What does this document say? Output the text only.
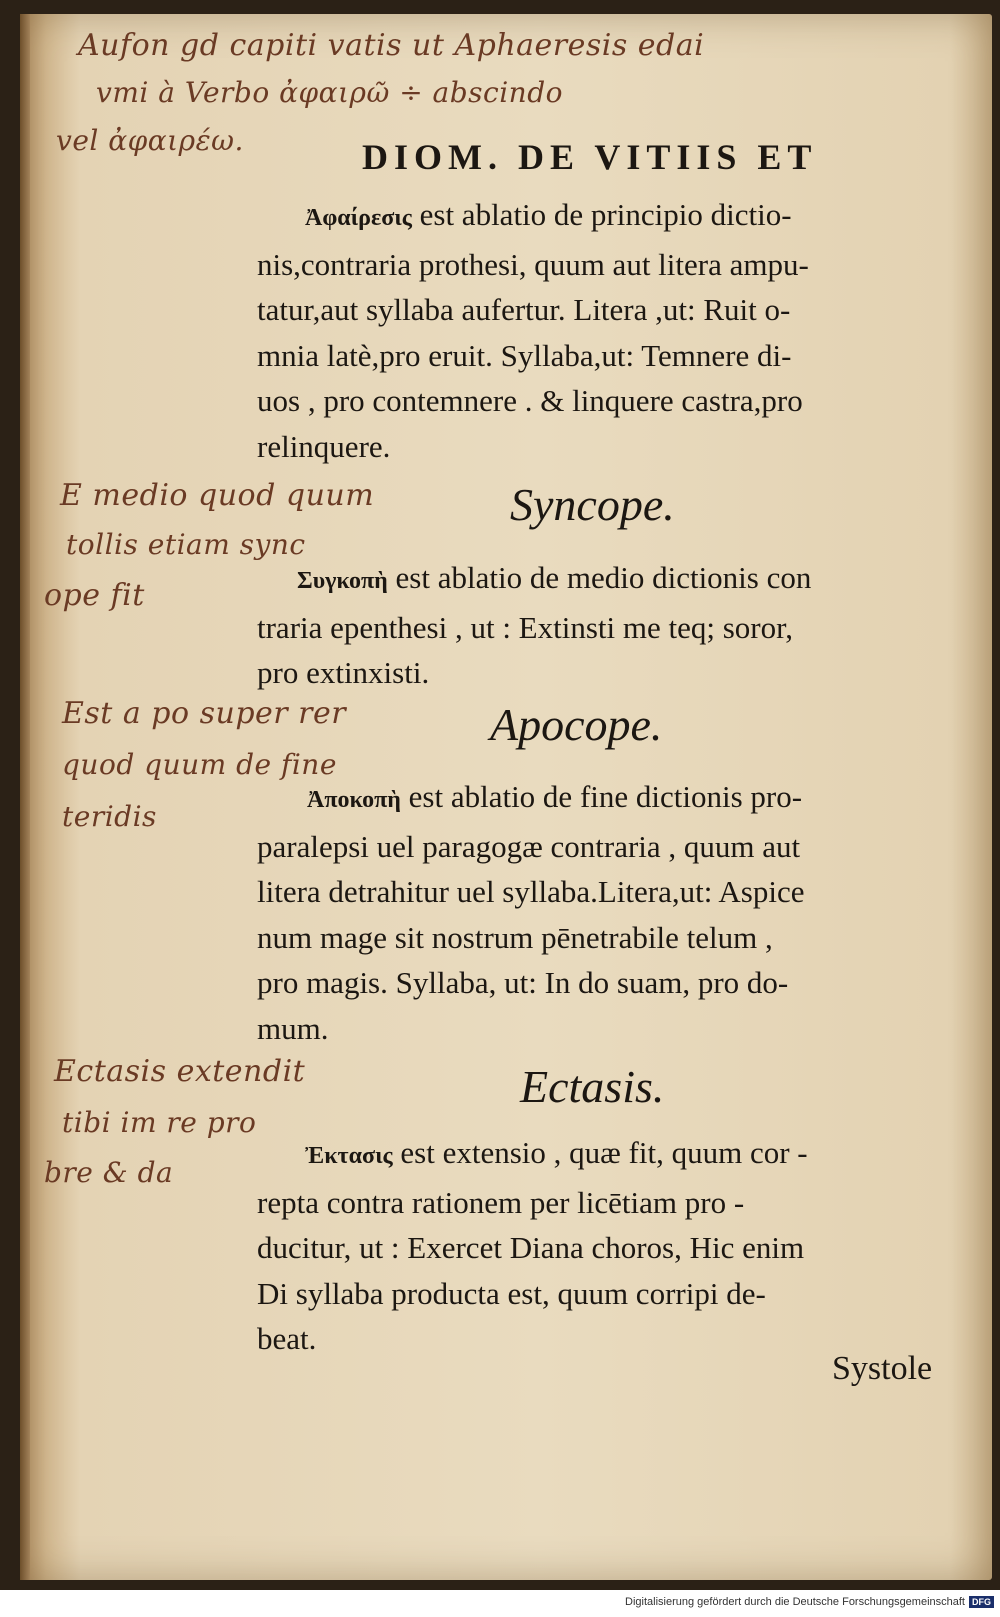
Aufon gd capiti vatis ut Aphaeresis edai
vmi à Verbo ἀφαιρῶ ÷ abscindo
vel ἀφαιρέω.	DIOM. DE VITIIS ET
Ἀφαίρεσις est ablatio de principio dictio-
nis,contraria prothesi, quum aut litera ampu-
tatur,aut syllaba aufertur. Litera ,ut: Ruit o-
mnia latè,pro eruit. Syllaba,ut: Temnere di-
uos , pro contemnere . & linquere castra,pro
relinquere.
E medio quod quum
tollis etiam sync
ope fit
Syncope.
Συγκοπὴ est ablatio de medio dictionis con
traria epenthesi , ut : Extinsti me teq; soror,
pro extinxisti.
Est a po super rer
quod quum de fine
teridis
Apocope.
Ἀποκοπὴ est ablatio de fine dictionis pro-
paralepsi uel paragogæ contraria , quum aut
litera detrahitur uel syllaba.Litera,ut: Aspice
num mage sit nostrum pēnetrabile telum ,
pro magis. Syllaba, ut: In do suam, pro do-
mum.
Ectasis extendit
tibi im re pro
bre & da
Ectasis.
Ἐκτασις est extensio , quæ fit, quum cor -
repta contra rationem per licētiam pro -
ducitur, ut : Exercet Diana choros, Hic enim
Di syllaba producta est, quum corripi de-
beat.
Systole
Digitalisierung gefördert durch die Deutsche Forschungsgemeinschaft DFG
